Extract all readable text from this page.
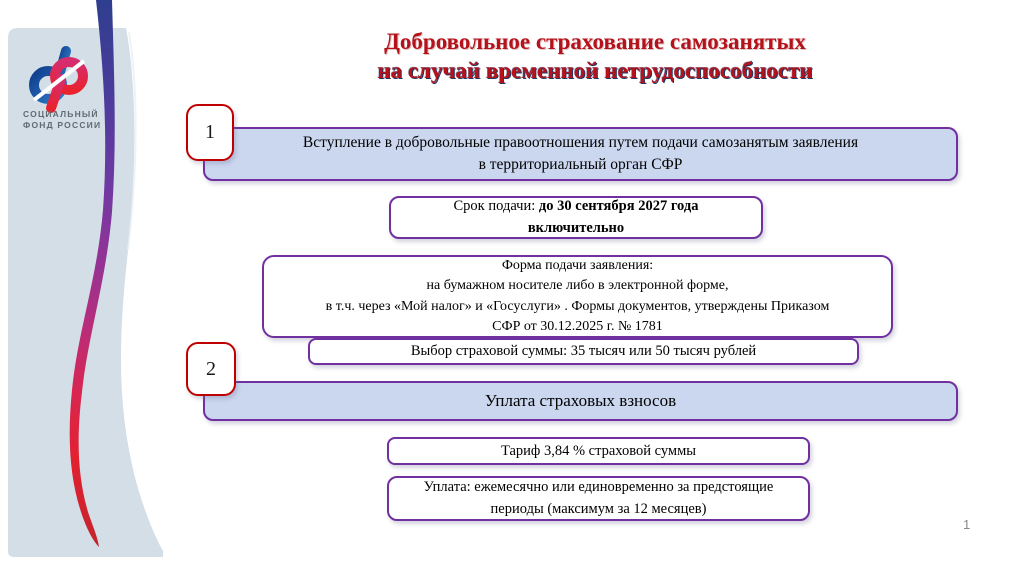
СОЦИАЛЬНЫЙ
ФОНД РОССИИ
Добровольное страхование самозанятых
на случай временной нетрудоспособности
1	Вступление в добровольные правоотношения путем подачи самозанятым заявления
в территориальный орган СФР
Срок подачи: до 30 сентября 2027 года
включительно
Форма подачи заявления:
на бумажном носителе либо в электронной форме,
в т.ч. через «Мой налог» и «Госуслуги» . Формы документов, утверждены Приказом
СФР от 30.12.2025 г. № 1781
Выбор страховой суммы: 35 тысяч или 50 тысяч рублей
2
Уплата страховых взносов
Тариф 3,84 % страховой суммы
Уплата: ежемесячно или единовременно за предстоящие
периоды (максимум за 12 месяцев)
1
